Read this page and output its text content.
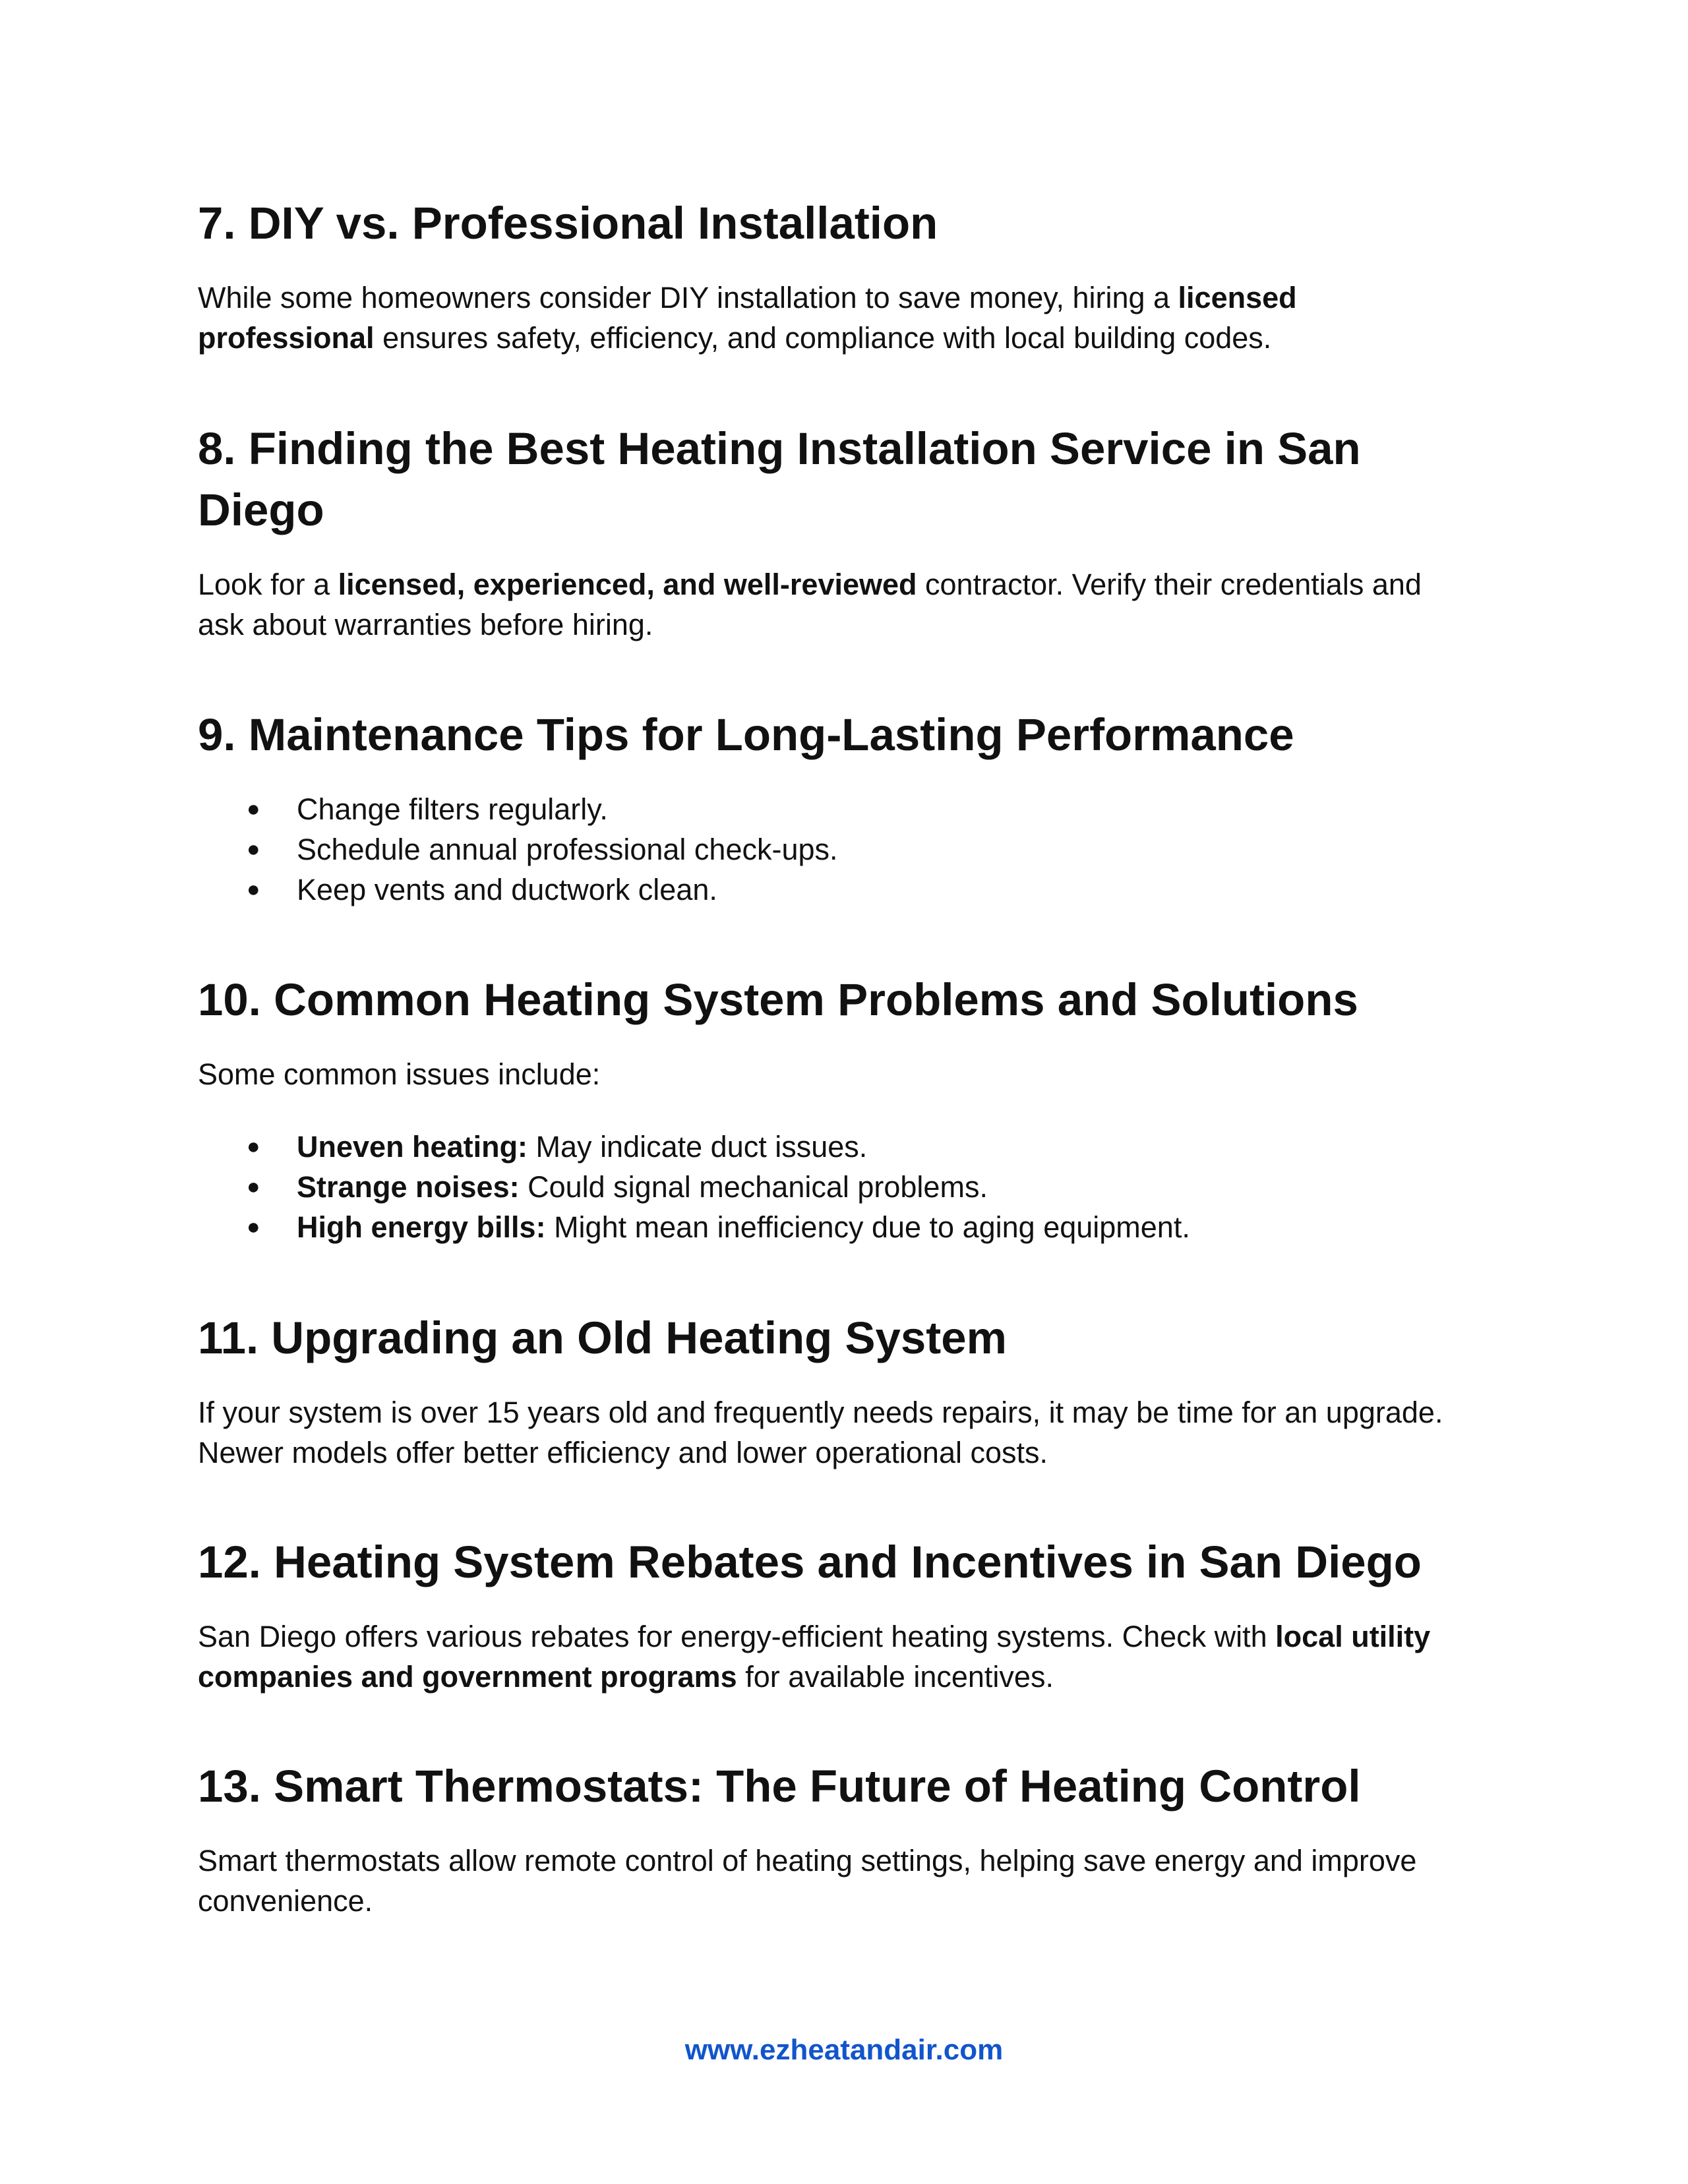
7. DIY vs. Professional Installation

While some homeowners consider DIY installation to save money, hiring a licensed

professional ensures safety, efficiency, and compliance with local building codes.

8. Finding the Best Heating Installation Service in San
Diego

Look for a licensed, experienced, and well-reviewed contractor. Verify their credentials and

ask about warranties before hiring.

9. Maintenance Tips for Long-Lasting Performance
● Change filters regularly.
● Schedule annual professional check-ups.
● Keep vents and ductwork clean.
10. Common Heating System Problems and Solutions

Some common issues include:

● Uneven heating: May indicate duct issues.
● Strange noises: Could signal mechanical problems.
● High energy bills: Might mean inefficiency due to aging equipment.
11. Upgrading an Old Heating System

If your system is over 15 years old and frequently needs repairs, it may be time for an upgrade.

Newer models offer better efficiency and lower operational costs.

12. Heating System Rebates and Incentives in San Diego

San Diego offers various rebates for energy-efficient heating systems. Check with local utility

companies and government programs for available incentives.

13. Smart Thermostats: The Future of Heating Control

Smart thermostats allow remote control of heating settings, helping save energy and improve

convenience.

www.ezheatandair.com
